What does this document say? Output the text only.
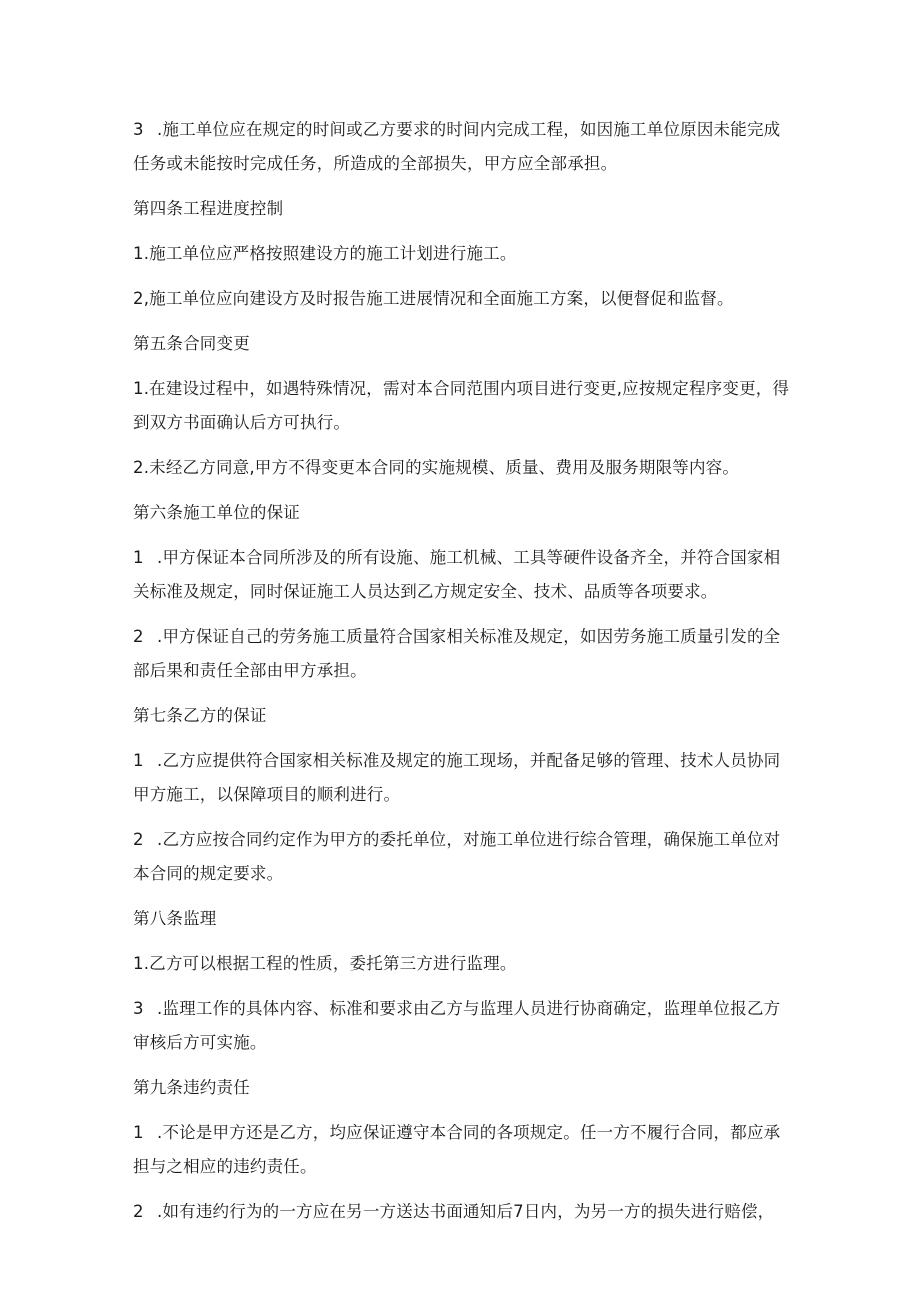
3 .施工单位应在规定的时间或乙方要求的时间内完成工程，如因施工单位原因未能完成任务或未能按时完成任务，所造成的全部损失，甲方应全部承担。
第四条工程进度控制
1.施工单位应严格按照建设方的施工计划进行施工。
2,施工单位应向建设方及时报告施工进展情况和全面施工方案，以便督促和监督。
第五条合同变更
1.在建设过程中，如遇特殊情况，需对本合同范围内项目进行变更,应按规定程序变更，得到双方书面确认后方可执行。
2.未经乙方同意,甲方不得变更本合同的实施规模、质量、费用及服务期限等内容。
第六条施工单位的保证
1 .甲方保证本合同所涉及的所有设施、施工机械、工具等硬件设备齐全，并符合国家相关标准及规定，同时保证施工人员达到乙方规定安全、技术、品质等各项要求。
2 .甲方保证自己的劳务施工质量符合国家相关标准及规定，如因劳务施工质量引发的全部后果和责任全部由甲方承担。
第七条乙方的保证
1 .乙方应提供符合国家相关标准及规定的施工现场，并配备足够的管理、技术人员协同甲方施工，以保障项目的顺利进行。
2 .乙方应按合同约定作为甲方的委托单位，对施工单位进行综合管理，确保施工单位对本合同的规定要求。
第八条监理
1.乙方可以根据工程的性质，委托第三方进行监理。
3 .监理工作的具体内容、标准和要求由乙方与监理人员进行协商确定，监理单位报乙方审核后方可实施。
第九条违约责任
1 .不论是甲方还是乙方，均应保证遵守本合同的各项规定。任一方不履行合同，都应承担与之相应的违约责任。
2 .如有违约行为的一方应在另一方送达书面通知后7日内，为另一方的损失进行赔偿，
